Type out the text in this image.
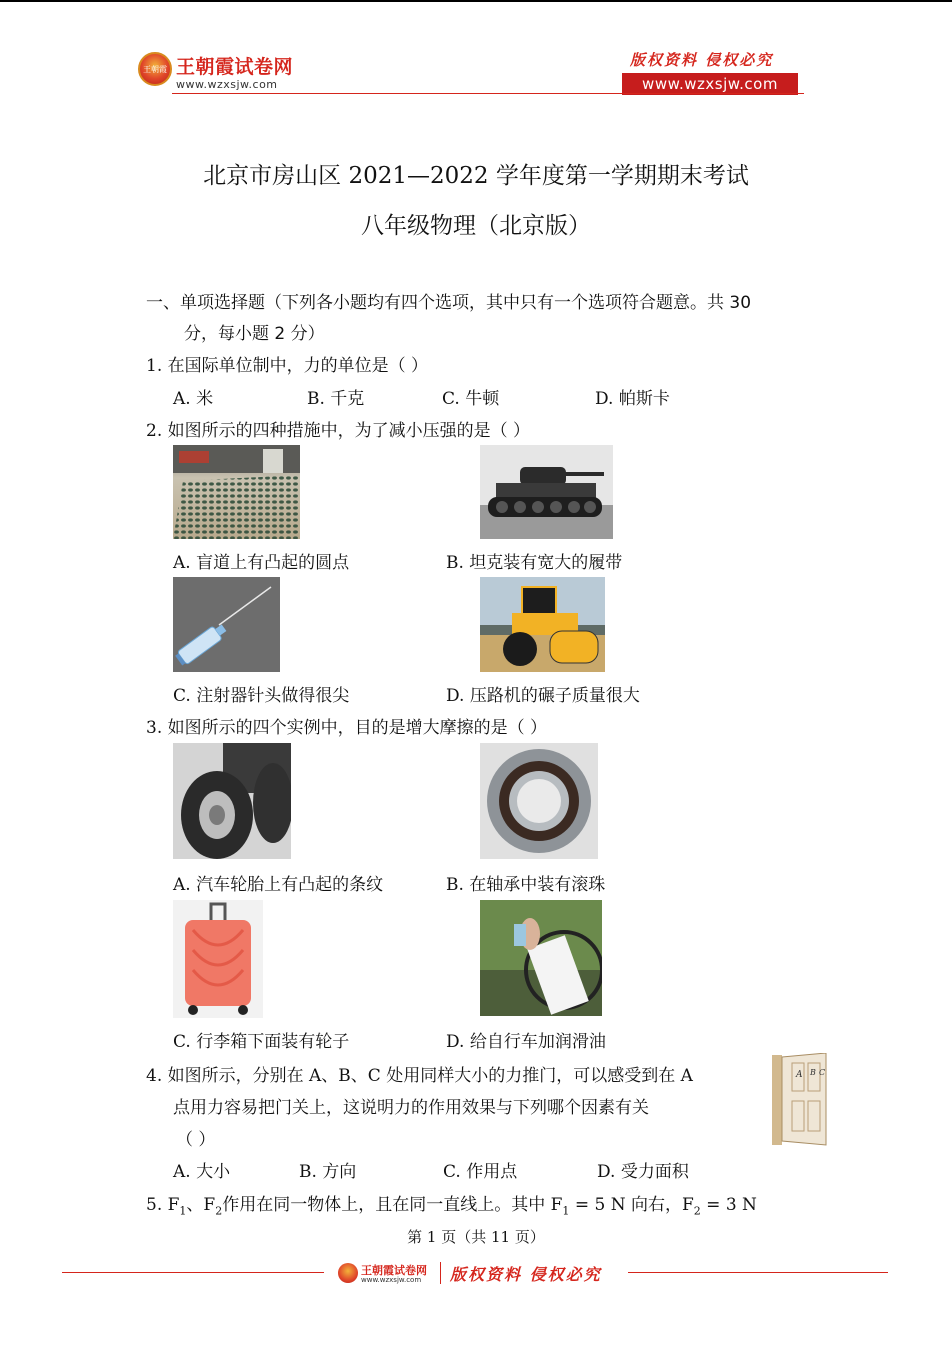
王朝霞 王朝霞试卷网
www.wzxsjw.com
版权资料 侵权必究
www.wzxsjw.com
北京市房山区 2021—2022 学年度第一学期期末考试
八年级物理（北京版）
一、单项选择题（下列各小题均有四个选项，其中只有一个选项符合题意。共 30
分，每小题 2 分）
1. 在国际单位制中，力的单位是（ ）
A. 米	B. 千克	C. 牛顿	D. 帕斯卡
2. 如图所示的四种措施中，为了减小压强的是（ ）
A. 盲道上有凸起的圆点	B. 坦克装有宽大的履带
C. 注射器针头做得很尖	D. 压路机的碾子质量很大
3. 如图所示的四个实例中，目的是增大摩擦的是（ ）
A. 汽车轮胎上有凸起的条纹	B. 在轴承中装有滚珠
C. 行李箱下面装有轮子	D. 给自行车加润滑油
A B C
4. 如图所示，分别在 A、B、C 处用同样大小的力推门，可以感受到在 A
点用力容易把门关上，这说明力的作用效果与下列哪个因素有关
（ ）
A. 大小	B. 方向	C. 作用点	D. 受力面积
5. $F_1$、$F_2$作用在同一物体上，且在同一直线上。其中 $F_1 = 5$ N 向右，$F_2 = 3$ N
第 1 页（共 11 页）
王朝霞试卷网
www.wzxsjw.com 版权资料 侵权必究
